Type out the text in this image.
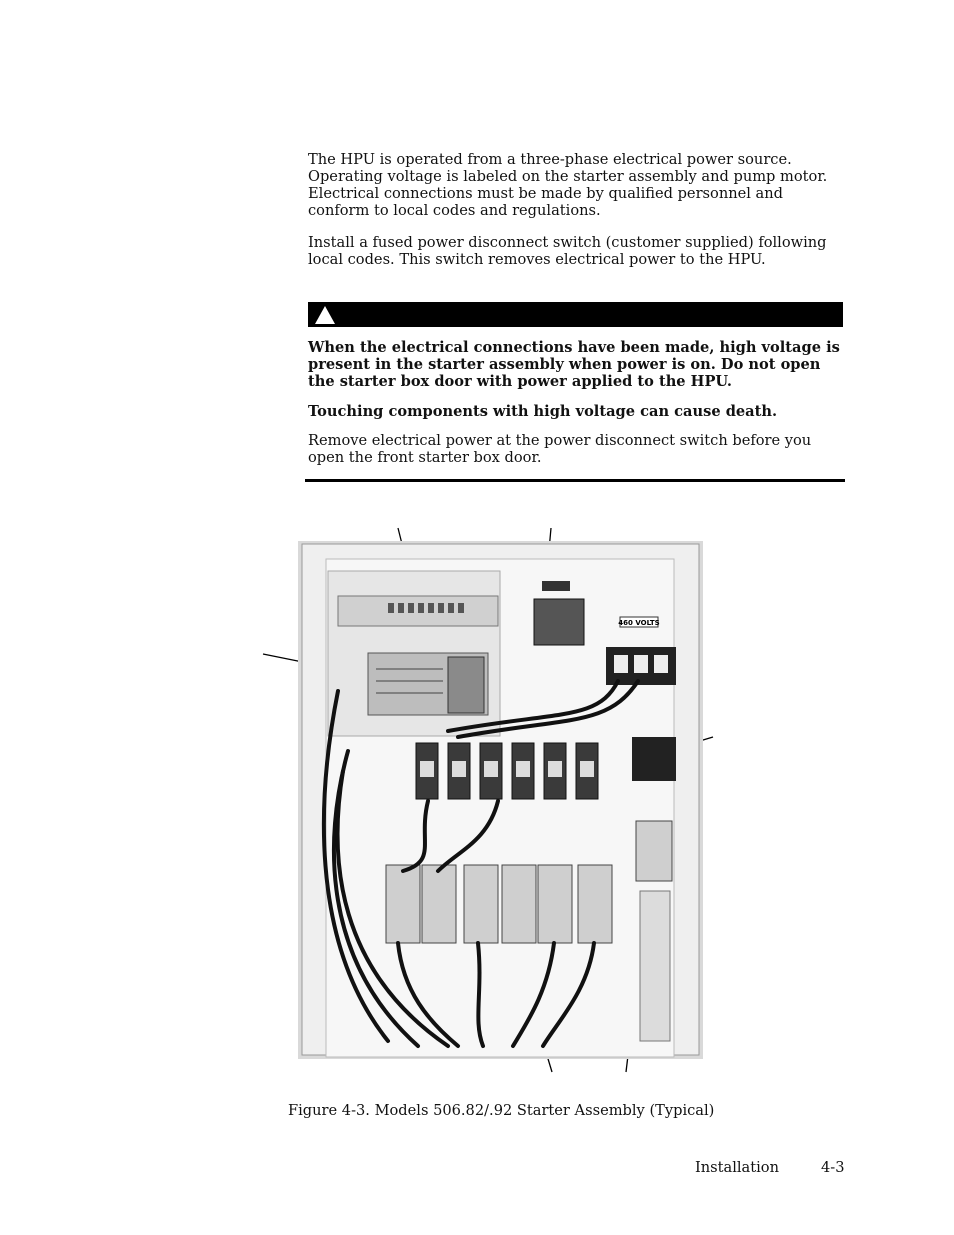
The HPU is operated from a three-phase electrical power source. Operating voltage is labeled on the starter assembly and pump motor. Electrical connections must be made by qualified personnel and conform to local codes and regulations.

Install a fused power disconnect switch (customer supplied) following local codes. This switch removes electrical power to the HPU.

When the electrical connections have been made, high voltage is present in the starter assembly when power is on. Do not open the starter box door with power applied to the HPU.

Touching components with high voltage can cause death.

Remove electrical power at the power disconnect switch before you open the front starter box door.

460 VOLTS

Figure 4-3. Models 506.82/.92 Starter Assembly (Typical)

Installation	4-3
